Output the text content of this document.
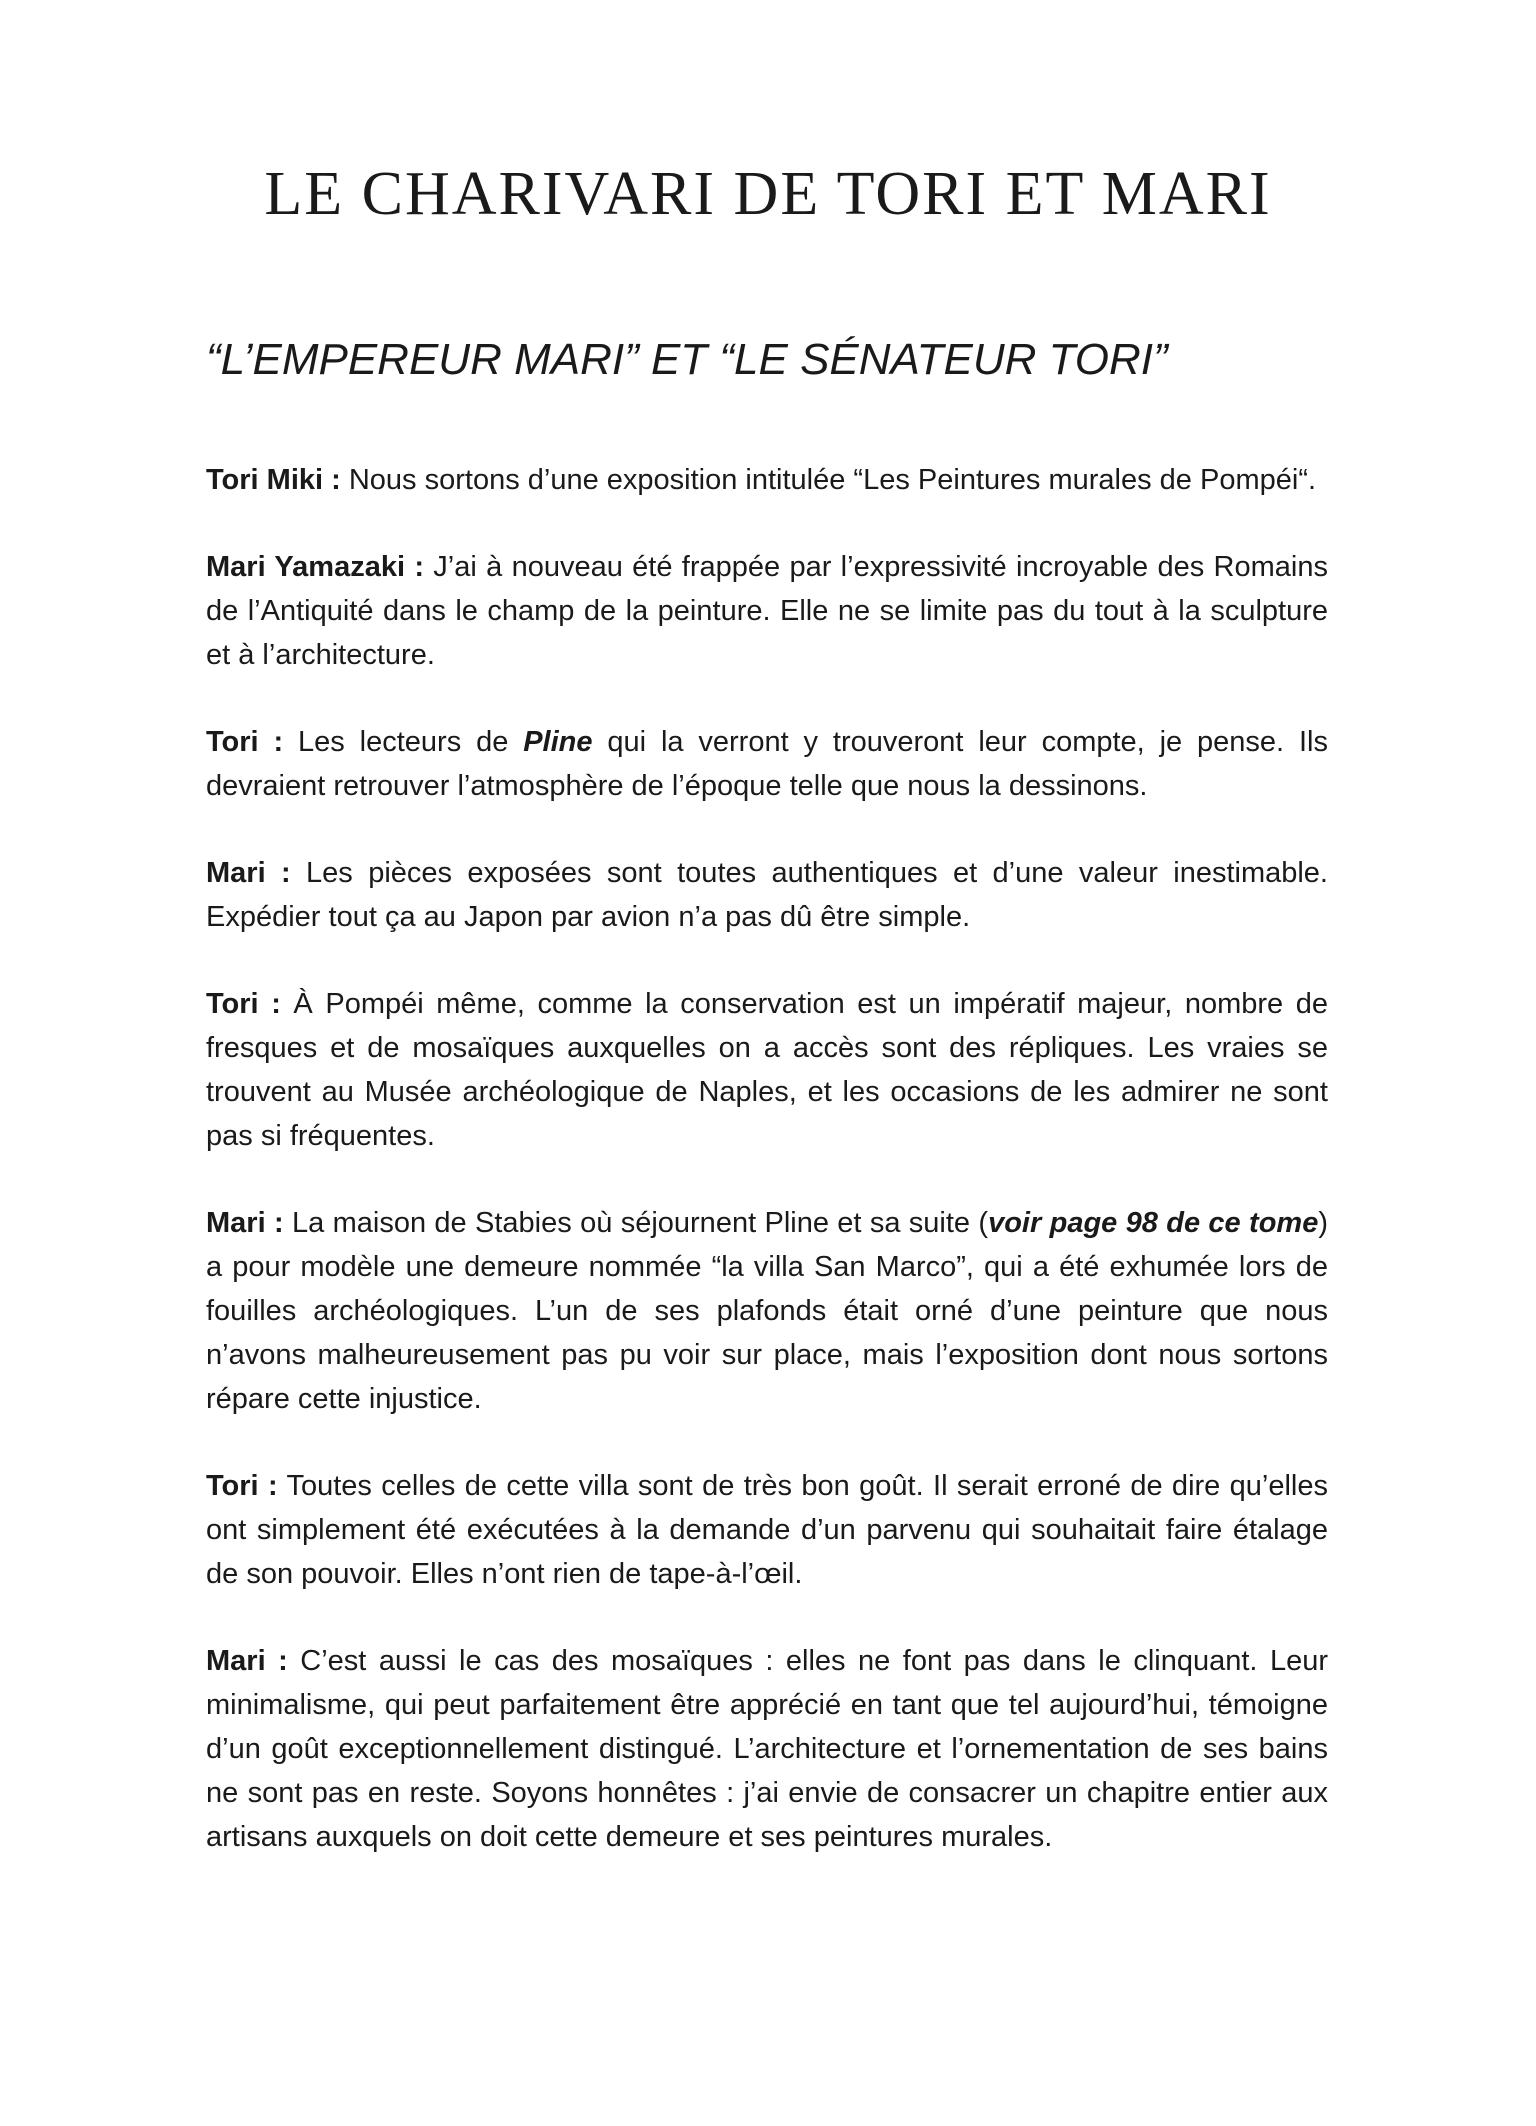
LE CHARIVARI DE TORI ET MARI
“L’EMPEREUR MARI” ET “LE SÉNATEUR TORI”

Tori Miki : Nous sortons d’une exposition intitulée “Les Peintures murales de Pompéi“.

Mari Yamazaki : J’ai à nouveau été frappée par l’expressivité incroyable des Romains de l’Antiquité dans le champ de la peinture. Elle ne se limite pas du tout à la sculpture et à l’architecture.

Tori : Les lecteurs de Pline qui la verront y trouveront leur compte, je pense. Ils devraient retrouver l’atmosphère de l’époque telle que nous la dessinons.

Mari : Les pièces exposées sont toutes authentiques et d’une valeur inestimable. Expédier tout ça au Japon par avion n’a pas dû être simple.

Tori : À Pompéi même, comme la conservation est un impératif majeur, nombre de fresques et de mosaïques auxquelles on a accès sont des répliques. Les vraies se trouvent au Musée archéologique de Naples, et les occasions de les admirer ne sont pas si fréquentes.

Mari : La maison de Stabies où séjournent Pline et sa suite (voir page 98 de ce tome) a pour modèle une demeure nommée “la villa San Marco”, qui a été exhumée lors de fouilles archéologiques. L’un de ses plafonds était orné d’une peinture que nous n’avons malheureusement pas pu voir sur place, mais l’exposition dont nous sortons répare cette injustice.

Tori : Toutes celles de cette villa sont de très bon goût. Il serait erroné de dire qu’elles ont simplement été exécutées à la demande d’un parvenu qui souhaitait faire étalage de son pouvoir. Elles n’ont rien de tape-à-l’œil.

Mari : C’est aussi le cas des mosaïques : elles ne font pas dans le clinquant. Leur minimalisme, qui peut parfaitement être apprécié en tant que tel aujourd’hui, témoigne d’un goût exceptionnellement distingué. L’architecture et l’ornementation de ses bains ne sont pas en reste. Soyons honnêtes : j’ai envie de consacrer un chapitre entier aux artisans auxquels on doit cette demeure et ses peintures murales.
